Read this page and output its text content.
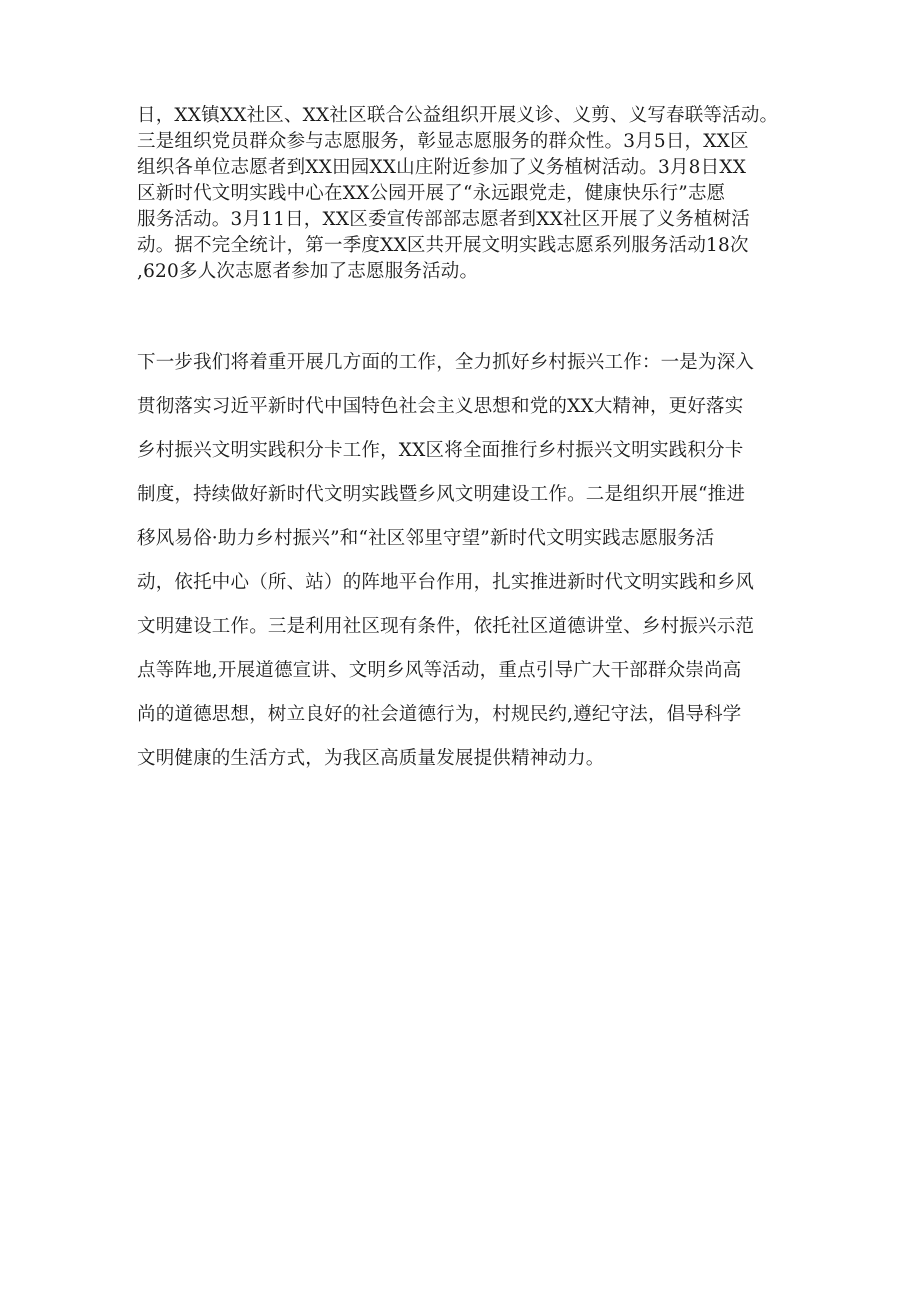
日，XX镇XX社区、XX社区联合公益组织开展义诊、义剪、义写春联等活动。
三是组织党员群众参与志愿服务，彰显志愿服务的群众性。3月5日，XX区
组织各单位志愿者到XX田园XX山庄附近参加了义务植树活动。3月8日XX
区新时代文明实践中心在XX公园开展了“永远跟党走，健康快乐行”志愿
服务活动。3月11日，XX区委宣传部部志愿者到XX社区开展了义务植树活
动。据不完全统计，第一季度XX区共开展文明实践志愿系列服务活动18次
,620多人次志愿者参加了志愿服务活动。
下一步我们将着重开展几方面的工作，全力抓好乡村振兴工作：一是为深入
贯彻落实习近平新时代中国特色社会主义思想和党的XX大精神，更好落实
乡村振兴文明实践积分卡工作，XX区将全面推行乡村振兴文明实践积分卡
制度，持续做好新时代文明实践暨乡风文明建设工作。二是组织开展“推进
移风易俗·助力乡村振兴”和“社区邻里守望”新时代文明实践志愿服务活
动，依托中心（所、站）的阵地平台作用，扎实推进新时代文明实践和乡风
文明建设工作。三是利用社区现有条件，依托社区道德讲堂、乡村振兴示范
点等阵地,开展道德宣讲、文明乡风等活动，重点引导广大干部群众崇尚高
尚的道德思想，树立良好的社会道德行为，村规民约,遵纪守法，倡导科学
文明健康的生活方式，为我区高质量发展提供精神动力。
